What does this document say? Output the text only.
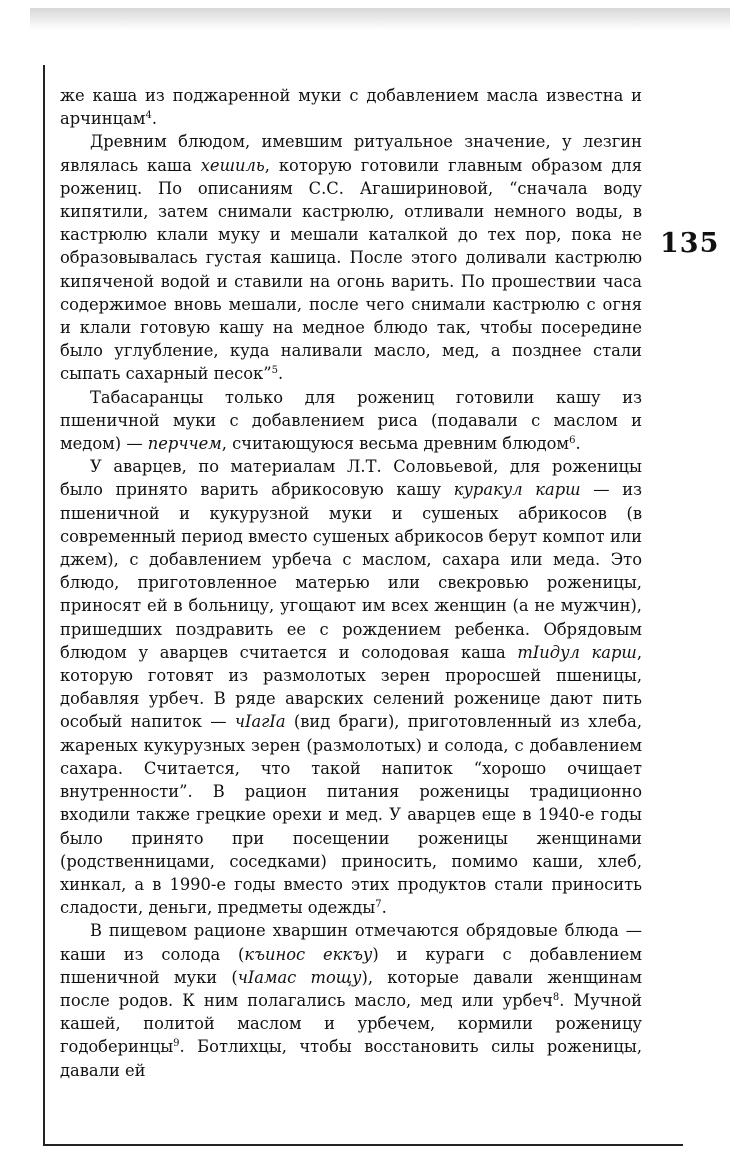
135

же каша из поджаренной муки с добавлением масла известна и арчинцам$^4$.

Древним блюдом, имевшим ритуальное значение, у лезгин являлась каша хешиль, которую готовили главным образом для рожениц. По описаниям С.С. Агашириновой, “сначала воду кипятили, затем снимали кастрюлю, отливали немного воды, в кастрюлю клали муку и мешали каталкой до тех пор, пока не образовывалась густая кашица. После этого доливали кастрюлю кипяченой водой и ставили на огонь варить. По прошествии часа содержимое вновь мешали, после чего снимали кастрюлю с огня и клали готовую кашу на медное блюдо так, чтобы посередине было углубление, куда наливали масло, мед, а позднее стали сыпать сахарный песок”$^5$.

Табасаранцы только для рожениц готовили кашу из пшеничной муки с добавлением риса (подавали с маслом и медом) — перччем, считающуюся весьма древним блюдом$^6$.

У аварцев, по материалам Л.Т. Соловьевой, для роженицы было принято варить абрикосовую кашу куракул карш — из пшеничной и кукурузной муки и сушеных абрикосов (в современный период вместо сушеных абрикосов берут компот или джем), с добавлением урбеча с маслом, сахара или меда. Это блюдо, приготовленное матерью или свекровью роженицы, приносят ей в больницу, угощают им всех женщин (а не мужчин), пришедших поздравить ее с рождением ребенка. Обрядовым блюдом у аварцев считается и солодовая каша тIидул карш, которую готовят из размолотых зерен проросшей пшеницы, добавляя урбеч. В ряде аварских селений роженице дают пить особый напиток — чIагIа (вид браги), приготовленный из хлеба, жареных кукурузных зерен (размолотых) и солода, с добавлением сахара. Считается, что такой напиток “хорошо очищает внутренности”. В рацион питания роженицы традиционно входили также грецкие орехи и мед. У аварцев еще в 1940-е годы было принято при посещении роженицы женщинами (родственницами, соседками) приносить, помимо каши, хлеб, хинкал, а в 1990-е годы вместо этих продуктов стали приносить сладости, деньги, предметы одежды$^7$.

В пищевом рационе хваршин отмечаются обрядовые блюда — каши из солода (къинос еккъу) и кураги с добавлением пшеничной муки (чIамас тощу), которые давали женщинам после родов. К ним полагались масло, мед или урбеч$^8$. Мучной кашей, политой маслом и урбечем, кормили роженицу годоберинцы$^9$. Ботлихцы, чтобы восстановить силы роженицы, давали ей
